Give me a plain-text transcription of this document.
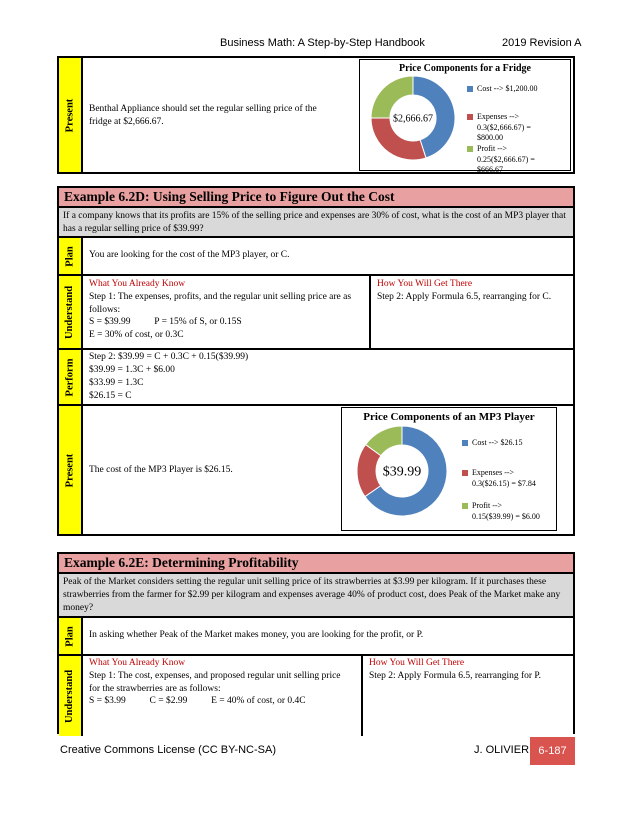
Business Math: A Step-by-Step Handbook	2019 Revision A
Present Benthal Appliance should set the regular selling price of the fridge at $2,666.67.
Price Components for a Fridge
$2,666.67
Cost --> $1,200.00
Expenses -->
0.3($2,666.67) =
$800.00
Profit -->
0.25($2,666.67) =
$666.67
Example 6.2D: Using Selling Price to Figure Out the Cost
If a company knows that its profits are 15% of the selling price and expenses are 30% of cost, what is the cost of an MP3 player that has a regular selling price of $39.99?
Plan You are looking for the cost of the MP3 player, or C.
Understand
What You Already Know
Step 1: The expenses, profits, and the regular unit selling price are as follows:
S = $39.99          P = 15% of S, or 0.15S
E = 30% of cost, or 0.3C
How You Will Get There
Step 2: Apply Formula 6.5, rearranging for C.
Perform
Step 2: $39.99 = C + 0.3C + 0.15($39.99)
$39.99 = 1.3C + $6.00
$33.99 = 1.3C
$26.15 = C
Present The cost of the MP3 Player is $26.15.
Price Components of an MP3 Player
$39.99
Cost --> $26.15
Expenses -->
0.3($26.15) = $7.84
Profit -->
0.15($39.99) = $6.00
Example 6.2E: Determining Profitability
Peak of the Market considers setting the regular unit selling price of its strawberries at $3.99 per kilogram. If it purchases these strawberries from the farmer for $2.99 per kilogram and expenses average 40% of product cost, does Peak of the Market make any money?
Plan In asking whether Peak of the Market makes money, you are looking for the profit, or P.
Understand
What You Already Know
Step 1: The cost, expenses, and proposed regular unit selling price for the strawberries are as follows:
S = $3.99          C = $2.99          E = 40% of cost, or 0.4C
How You Will Get There
Step 2: Apply Formula 6.5, rearranging for P.
Creative Commons License (CC BY-NC-SA)	J. OLIVIER 6-187
